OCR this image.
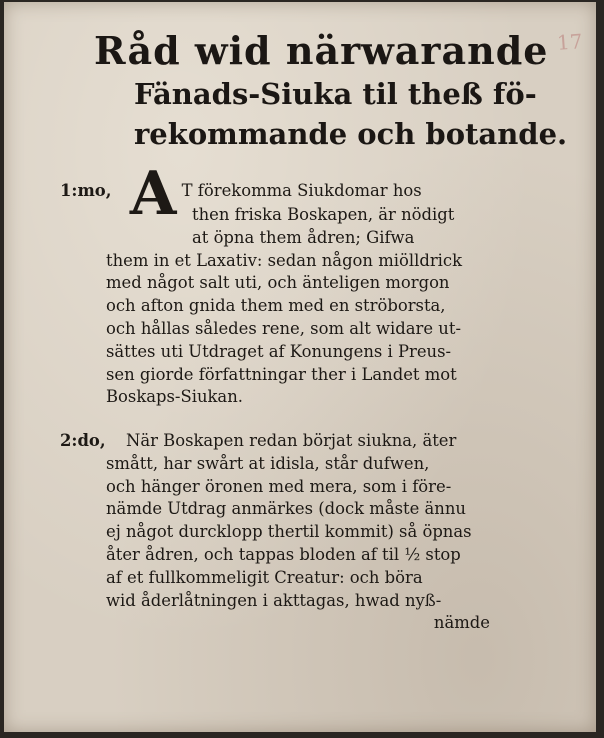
17
Råd wid närwarande
Fänads-Siuka til theß fö-
rekommande och botande.
1:mo, A T förekomma Siukdomar hos
then friska Boskapen, är nödigt
at öpna them ådren; Gifwa
them in et Laxativ: sedan någon miölldrick
med något salt uti, och änteligen morgon
och afton gnida them med en ströborsta,
och hållas således rene, som alt widare ut-
sättes uti Utdraget af Konungens i Preus-
sen giorde författningar ther i Landet mot
Boskaps-Siukan.
2:do, När Boskapen redan börjat siukna, äter
smått, har swårt at idisla, står dufwen,
och hänger öronen med mera, som i före-
nämde Utdrag anmärkes (dock måste ännu
ej något durcklopp thertil kommit) så öpnas
åter ådren, och tappas bloden af til ½ stop
af et fullkommeligit Creatur: och böra
wid åderlåtningen i akttagas, hwad nyß-
nämde
